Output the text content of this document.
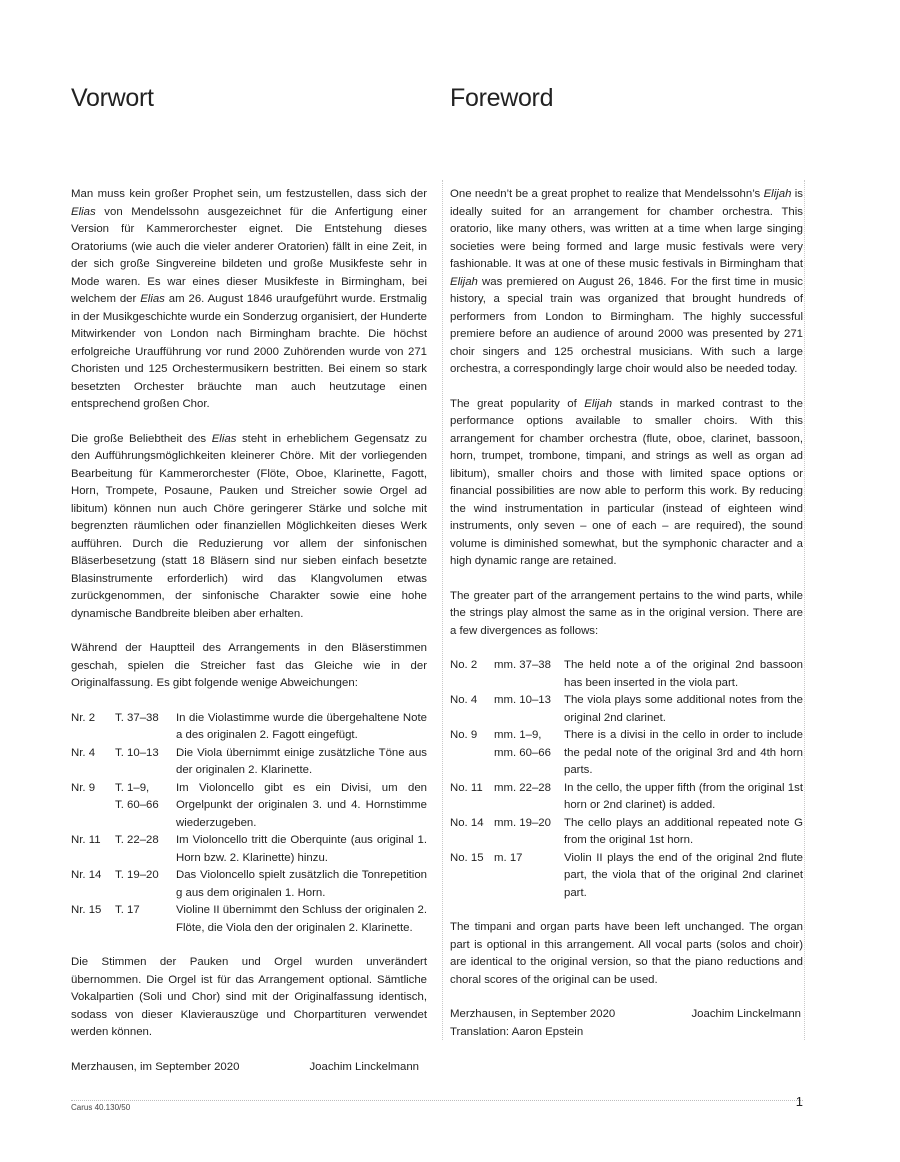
Vorwort

Man muss kein großer Prophet sein, um festzustellen, dass sich der Elias von Mendelssohn ausgezeichnet für die Anfertigung einer Version für Kammerorchester eignet. Die Entstehung dieses Oratoriums (wie auch die vieler anderer Oratorien) fällt in eine Zeit, in der sich große Singvereine bildeten und große Musikfeste sehr in Mode waren. Es war eines dieser Musikfeste in Birmingham, bei welchem der Elias am 26. August 1846 uraufgeführt wurde. Erstmalig in der Musikgeschichte wurde ein Sonderzug organisiert, der Hunderte Mitwirkender von London nach Birmingham brachte. Die höchst erfolgreiche Uraufführung vor rund 2000 Zuhörenden wurde von 271 Choristen und 125 Orchestermusikern bestritten. Bei einem so stark besetzten Orchester bräuchte man auch heutzutage einen entsprechend großen Chor.

Die große Beliebtheit des Elias steht in erheblichem Gegensatz zu den Aufführungsmöglichkeiten kleinerer Chöre. Mit der vorliegenden Bearbeitung für Kammerorchester (Flöte, Oboe, Klarinette, Fagott, Horn, Trompete, Posaune, Pauken und Streicher sowie Orgel ad libitum) können nun auch Chöre geringerer Stärke und solche mit begrenzten räumlichen oder finanziellen Möglichkeiten dieses Werk aufführen. Durch die Reduzierung vor allem der sinfonischen Bläserbesetzung (statt 18 Bläsern sind nur sieben einfach besetzte Blasinstrumente erforderlich) wird das Klangvolumen etwas zurückgenommen, der sinfonische Charakter sowie eine hohe dynamische Bandbreite bleiben aber erhalten.

Während der Hauptteil des Arrangements in den Bläserstimmen geschah, spielen die Streicher fast das Gleiche wie in der Originalfassung. Es gibt folgende wenige Abweichungen:

Nr. 2	T. 37–38	In die Violastimme wurde die übergehaltene Note a des originalen 2. Fagott eingefügt.
Nr. 4	T. 10–13	Die Viola übernimmt einige zusätzliche Töne aus der originalen 2. Klarinette.
Nr. 9	T. 1–9,
T. 60–66	Im Violoncello gibt es ein Divisi, um den Orgelpunkt der originalen 3. und 4. Hornstimme wiederzugeben.
Nr. 11	T. 22–28	Im Violoncello tritt die Oberquinte (aus original 1. Horn bzw. 2. Klarinette) hinzu.
Nr. 14	T. 19–20	Das Violoncello spielt zusätzlich die Tonrepetition g aus dem originalen 1. Horn.
Nr. 15	T. 17	Violine II übernimmt den Schluss der originalen 2. Flöte, die Viola den der originalen 2. Klarinette.

Die Stimmen der Pauken und Orgel wurden unverändert übernommen. Die Orgel ist für das Arrangement optional. Sämtliche Vokalpartien (Soli und Chor) sind mit der Originalfassung identisch, sodass von dieser Klavierauszüge und Chorpartituren verwendet werden können.

Merzhausen, im September 2020	Joachim Linckelmann
Foreword

One needn’t be a great prophet to realize that Mendelssohn’s Elijah is ideally suited for an arrangement for chamber orchestra. This oratorio, like many others, was written at a time when large singing societies were being formed and large music festivals were very fashionable. It was at one of these music festivals in Birmingham that Elijah was premiered on August 26, 1846. For the first time in music history, a special train was organized that brought hundreds of performers from London to Birmingham. The highly successful premiere before an audience of around 2000 was presented by 271 choir singers and 125 orchestral musicians. With such a large orchestra, a correspondingly large choir would also be needed today.

The great popularity of Elijah stands in marked contrast to the performance options available to smaller choirs. With this arrangement for chamber orchestra (flute, oboe, clarinet, bassoon, horn, trumpet, trombone, timpani, and strings as well as organ ad libitum), smaller choirs and those with limited space options or financial possibilities are now able to perform this work. By reducing the wind instrumentation in particular (instead of eighteen wind instruments, only seven – one of each – are required), the sound volume is diminished somewhat, but the symphonic character and a high dynamic range are retained.

The greater part of the arrangement pertains to the wind parts, while the strings play almost the same as in the original version. There are a few divergences as follows:

No. 2	mm. 37–38	The held note a of the original 2nd bassoon has been inserted in the viola part.
No. 4	mm. 10–13	The viola plays some additional notes from the original 2nd clarinet.
No. 9	mm. 1–9,
mm. 60–66	There is a divisi in the cello in order to include the pedal note of the original 3rd and 4th horn parts.
No. 11	mm. 22–28	In the cello, the upper fifth (from the original 1st horn or 2nd clarinet) is added.
No. 14	mm. 19–20	The cello plays an additional repeated note G from the original 1st horn.
No. 15	m. 17	Violin II plays the end of the original 2nd flute part, the viola that of the original 2nd clarinet part.

The timpani and organ parts have been left unchanged. The organ part is optional in this arrangement. All vocal parts (solos and choir) are identical to the original version, so that the piano reductions and choral scores of the original can be used.

Merzhausen, in September 2020	Joachim Linckelmann
Translation: Aaron Epstein
Carus 40.130/50	1
